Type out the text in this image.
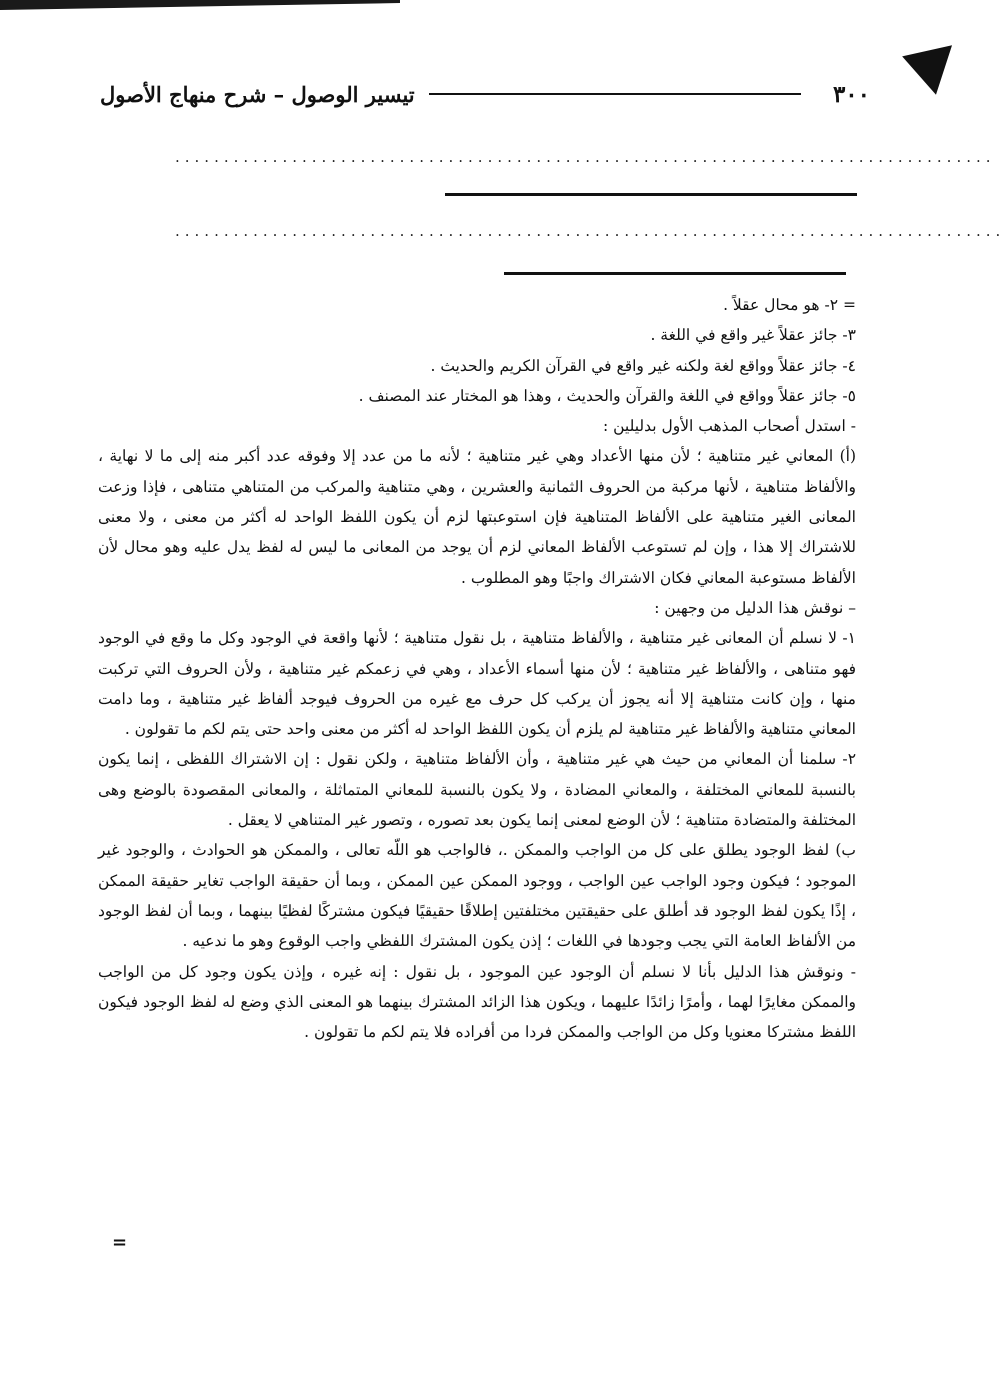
٣٠٠
تيسير الوصول – شرح منهاج الأصول
....................................................................................
.....................................................................................

= ٢- هو محال عقلاً .

٣- جائز عقلاً غير واقع في اللغة .

٤- جائز عقلاً وواقع لغة ولكنه غير واقع في القرآن الكريم والحديث .

٥- جائز عقلاً وواقع في اللغة والقرآن والحديث ، وهذا هو المختار عند المصنف .

- استدل أصحاب المذهب الأول بدليلين :

(أ) المعاني غير متناهية ؛ لأن منها الأعداد وهي غير متناهية ؛ لأنه ما من عدد إلا وفوقه عدد أكبر منه إلى ما لا نهاية ، والألفاظ متناهية ، لأنها مركبة من الحروف الثمانية والعشرين ، وهي متناهية والمركب من المتناهي متناهى ، فإذا وزعت المعانى الغير متناهية على الألفاظ المتناهية فإن استوعبتها لزم أن يكون اللفظ الواحد له أكثر من معنى ، ولا معنى للاشتراك إلا هذا ، وإن لم تستوعب الألفاظ المعاني لزم أن يوجد من المعانى ما ليس له لفظ يدل عليه وهو محال لأن الألفاظ مستوعبة المعاني فكان الاشتراك واجبًا وهو المطلوب .

– نوقش هذا الدليل من وجهين :

١- لا نسلم أن المعانى غير متناهية ، والألفاظ متناهية ، بل نقول متناهية ؛ لأنها واقعة في الوجود وكل ما وقع في الوجود فهو متناهى ، والألفاظ غير متناهية ؛ لأن منها أسماء الأعداد ، وهي في زعمكم غير متناهية ، ولأن الحروف التي تركبت منها ، وإن كانت متناهية إلا أنه يجوز أن يركب كل حرف مع غيره من الحروف فيوجد ألفاظ غير متناهية ، وما دامت المعاني متناهية والألفاظ غير متناهية لم يلزم أن يكون اللفظ الواحد له أكثر من معنى واحد حتى يتم لكم ما تقولون .

٢- سلمنا أن المعاني من حيث هي غير متناهية ، وأن الألفاظ متناهية ، ولكن نقول : إن الاشتراك اللفظى ، إنما يكون بالنسبة للمعاني المختلفة ، والمعاني المضادة ، ولا يكون بالنسبة للمعاني المتماثلة ، والمعانى المقصودة بالوضع وهى المختلفة والمتضادة متناهية ؛ لأن الوضع لمعنى إنما يكون بعد تصوره ، وتصور غير المتناهي لا يعقل .

ب) لفظ الوجود يطلق على كل من الواجب والممكن .، فالواجب هو اللّه تعالى ، والممكن هو الحوادث ، والوجود غير الموجود ؛ فيكون وجود الواجب عين الواجب ، ووجود الممكن عين الممكن ، وبما أن حقيقة الواجب تغاير حقيقة الممكن ، إذًا يكون لفظ الوجود قد أطلق على حقيقتين مختلفتين إطلاقًا حقيقيًا فيكون مشتركًا لفظيًا بينهما ، وبما أن لفظ الوجود من الألفاظ العامة التي يجب وجودها في اللغات ؛ إذن يكون المشترك اللفظي واجب الوقوع وهو ما ندعيه .

- ونوقش هذا الدليل بأنا لا نسلم أن الوجود عين الموجود ، بل نقول : إنه غيره ، وإذن يكون وجود كل من الواجب والممكن مغايرًا لهما ، وأمرًا زائدًا عليهما ، ويكون هذا الزائد المشترك بينهما هو المعنى الذي وضع له لفظ الوجود فيكون اللفظ مشتركا معنويا وكل من الواجب والممكن فردا من أفراده فلا يتم لكم ما تقولون .

=
